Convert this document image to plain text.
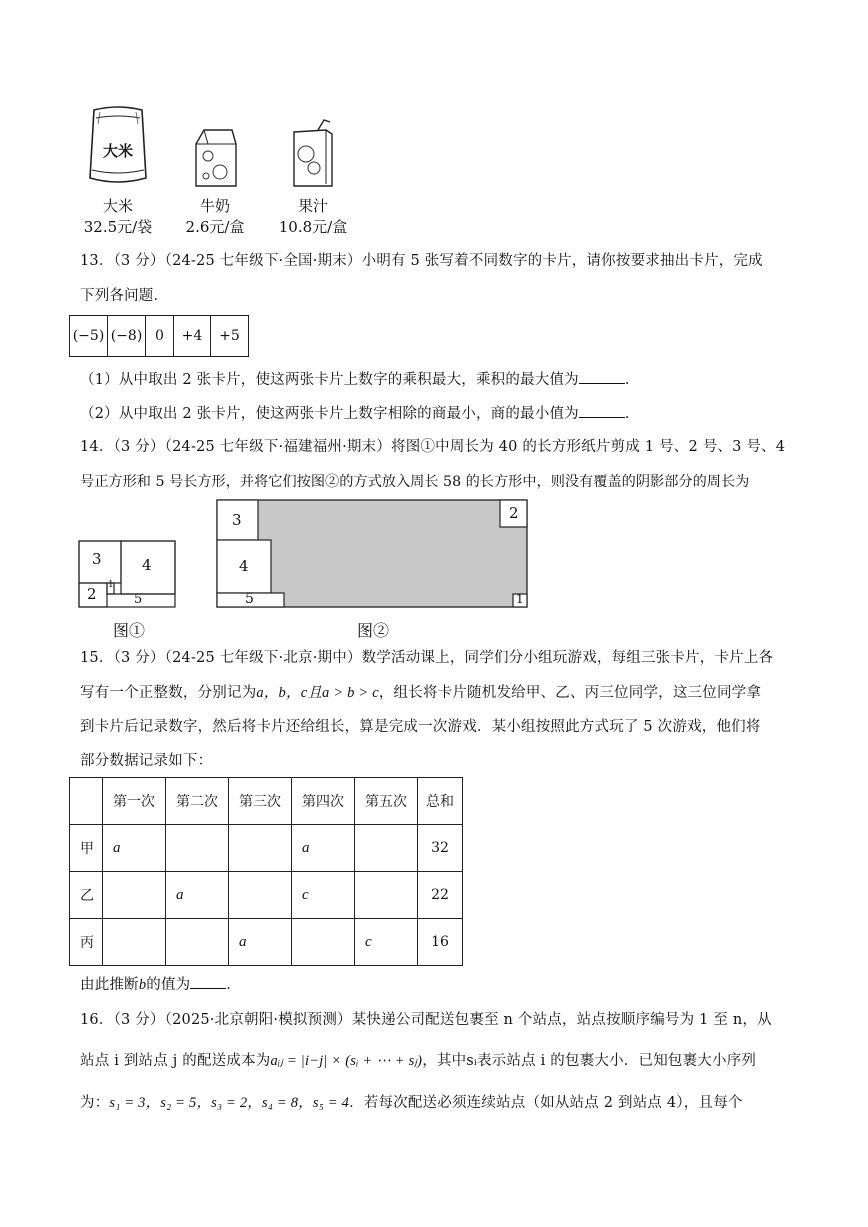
大米
大米
32.5元/袋
牛奶
2.6元/盒
果汁
10.8元/盒
13．（3 分）（24-25 七年级下·全国·期末）小明有 5 张写着不同数字的卡片，请你按要求抽出卡片，完成
下列各问题．
(−5)	(−8)	0	+4	+5
（1）从中取出 2 张卡片，使这两张卡片上数字的乘积最大，乘积的最大值为	．
（2）从中取出 2 张卡片，使这两张卡片上数字相除的商最小，商的最小值为	．
14．（3 分）（24-25 七年级下·福建福州·期末）将图①中周长为 40 的长方形纸片剪成 1 号、2 号、3 号、4
号正方形和 5 号长方形，并将它们按图②的方式放入周长 58 的长方形中，则没有覆盖的阴影部分的周长为
3	4
2 1
5
图①
3	2
4
5	1
图②
15．（3 分）（24-25 七年级下·北京·期中）数学活动课上，同学们分小组玩游戏，每组三张卡片，卡片上各
写有一个正整数，分别记为a，b，c且a > b > c，组长将卡片随机发给甲、乙、丙三位同学，这三位同学拿
到卡片后记录数字，然后将卡片还给组长，算是完成一次游戏．某小组按照此方式玩了 5 次游戏，他们将
部分数据记录如下：
	第一次	第二次	第三次	第四次	第五次	总和
甲	a			a		32
乙		a		c		22
丙			a		c	16
由此推断b的值为 ．
16．（3 分）（2025·北京朝阳·模拟预测）某快递公司配送包裹至 n 个站点，站点按顺序编号为 1 至 n，从
站点 i 到站点 j 的配送成本为aᵢⱼ = |i−j| × (sᵢ + ⋯ + sⱼ)，其中sᵢ表示站点 i 的包裹大小．已知包裹大小序列
为：s₁ = 3，s₂ = 5，s₃ = 2，s₄ = 8，s₅ = 4．若每次配送必须连续站点（如从站点 2 到站点 4），且每个
